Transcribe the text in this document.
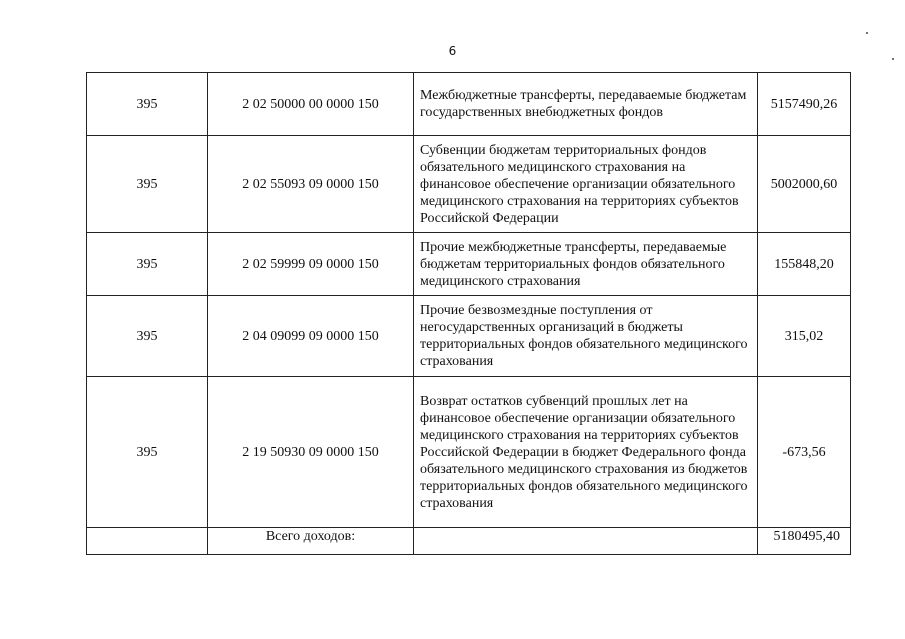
6
395	2 02 50000 00 0000 150	Межбюджетные трансферты, передаваемые бюджетам государственных внебюджетных фондов	5157490,26
395	2 02 55093 09 0000 150	Субвенции бюджетам территориальных фондов обязательного медицинского страхования на финансовое обеспечение организации обязательного медицинского страхования на территориях субъектов Российской Федерации	5002000,60
395	2 02 59999 09 0000 150	Прочие межбюджетные трансферты, передаваемые бюджетам территориальных фондов обязательного медицинского страхования	155848,20
395	2 04 09099 09 0000 150	Прочие безвозмездные поступления от негосударственных организаций в бюджеты территориальных фондов обязательного медицинского страхования	315,02
395	2 19 50930 09 0000 150	Возврат остатков субвенций прошлых лет на финансовое обеспечение организации обязательного медицинского страхования на территориях субъектов Российской Федерации в бюджет Федерального фонда обязательного медицинского страхования из бюджетов территориальных фондов обязательного медицинского страхования	-673,56
	Всего доходов:		5180495,40
